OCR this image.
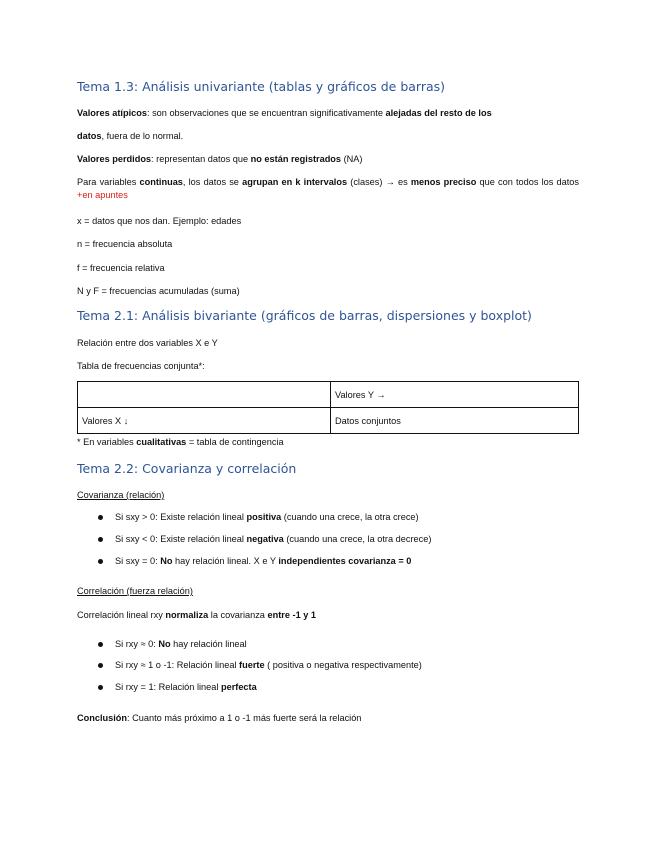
Tema 1.3: Análisis univariante (tablas y gráficos de barras)
Valores atípicos: son observaciones que se encuentran significativamente alejadas del resto de los
datos, fuera de lo normal.
Valores perdidos: representan datos que no están registrados (NA)
Para variables continuas, los datos se agrupan en k intervalos (clases) → es menos preciso que con todos los datos +en apuntes
x = datos que nos dan. Ejemplo: edades
n = frecuencia absoluta
f = frecuencia relativa
N y F = frecuencias acumuladas (suma)
Tema 2.1: Análisis bivariante (gráficos de barras, dispersiones y boxplot)
Relación entre dos variables X e Y
Tabla de frecuencias conjunta*:
	Valores Y →
Valores X ↓	Datos conjuntos
* En variables cualitativas = tabla de contingencia
Tema 2.2: Covarianza y correlación
Covarianza (relación)
Si sxy > 0: Existe relación lineal positiva (cuando una crece, la otra crece)
Si sxy < 0: Existe relación lineal negativa (cuando una crece, la otra decrece)
Si sxy = 0: No hay relación lineal. X e Y independientes covarianza = 0
Correlación (fuerza relación)
Correlación lineal rxy normaliza la covarianza entre -1 y 1
Si rxy ≈ 0: No hay relación lineal
Si rxy ≈ 1 o -1: Relación lineal fuerte ( positiva o negativa respectivamente)
Si rxy = 1: Relación lineal perfecta
Conclusión: Cuanto más próximo a 1 o -1 más fuerte será la relación
